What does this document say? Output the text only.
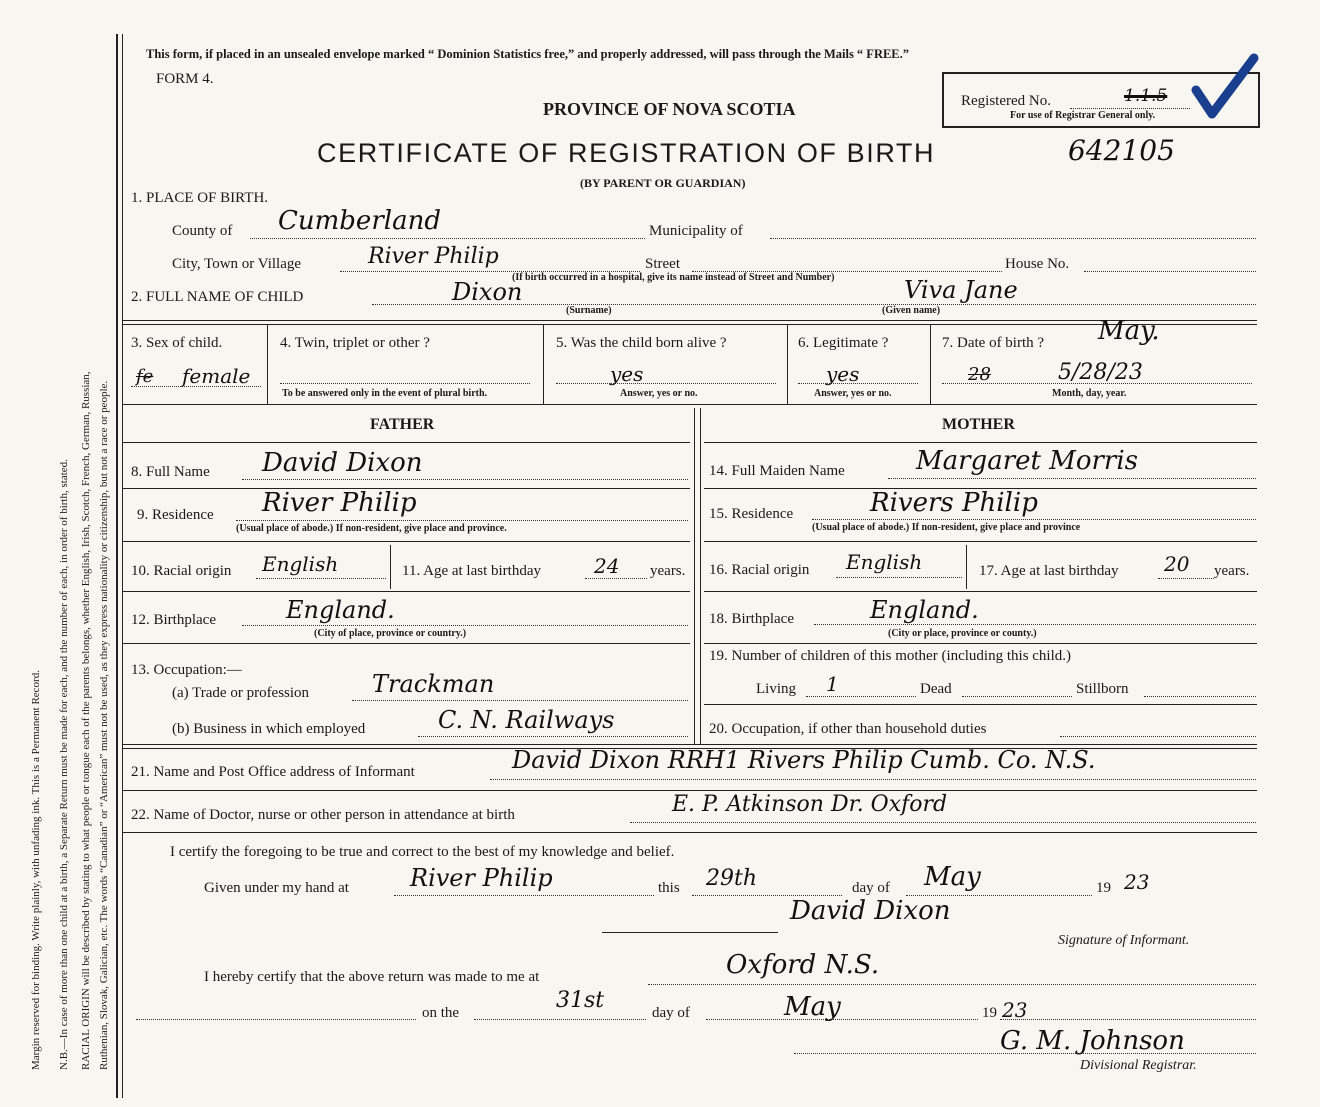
Margin reserved for binding. Write plainly, with unfading ink. This is a Permanent Record. N.B.—In case of more than one child at a birth, a Separate Return must be made for each, and the number of each, in order of birth, stated. RACIAL ORIGIN will be described by stating to what people or tongue each of the parents belongs, whether English, Irish, Scotch, French, German, Russian, Ruthenian, Slovak, Galician, etc. The words “Canadian” or “American” must not be used, as they express nationality or citizenship, but not a race or people.
This form, if placed in an unsealed envelope marked “ Dominion Statistics free,” and properly addressed, will pass through the Mails “ FREE.”
FORM 4.
PROVINCE OF NOVA SCOTIA
CERTIFICATE OF REGISTRATION OF BIRTH
(BY PARENT OR GUARDIAN)
642105
Registered No.	1.1.5
For use of Registrar General only.
1. PLACE OF BIRTH.
County of Cumberland	Municipality of
City, Town or Village	River Philip	Street	House No.
(If birth occurred in a hospital, give its name instead of Street and Number)
2. FULL NAME OF CHILD	Dixon	Viva Jane
(Surname)	(Given name)
3. Sex of child.
fe female
4. Twin, triplet or other ?
To be answered only in the event of plural birth.
5. Was the child born alive ?
yes
Answer, yes or no.
6. Legitimate ?
yes
Answer, yes or no.
7. Date of birth ? May.
28	5/28/23
Month, day, year.
FATHER	MOTHER
8. Full Name David Dixon
9. Residence River Philip
(Usual place of abode.) If non-resident, give place and province.
10. Racial origin English	11. Age at last birthday	24 years.
12. Birthplace	England.
(City of place, province or country.)
13. Occupation:—
(a) Trade or profession	Trackman
(b) Business in which employed	C. N. Railways
14. Full Maiden Name	Margaret Morris
15. Residence	Rivers Philip
(Usual place of abode.) If non-resident, give place and province
16. Racial origin English	17. Age at last birthday 20 years.
18. Birthplace	England.
(City or place, province or county.)
19. Number of children of this mother (including this child.)
Living 1	Dead	Stillborn
20. Occupation, if other than household duties
21. Name and Post Office address of Informant	David Dixon RRH1 Rivers Philip Cumb. Co. N.S.
22. Name of Doctor, nurse or other person in attendance at birth	E. P. Atkinson Dr. Oxford
I certify the foregoing to be true and correct to the best of my knowledge and belief.
Given under my hand at	River Philip	this 29th	day of May	19 23
David Dixon
Signature of Informant.
I hereby certify that the above return was made to me at	Oxford N.S.
on the	31st	day of	May	19 23
G. M. Johnson
Divisional Registrar.
